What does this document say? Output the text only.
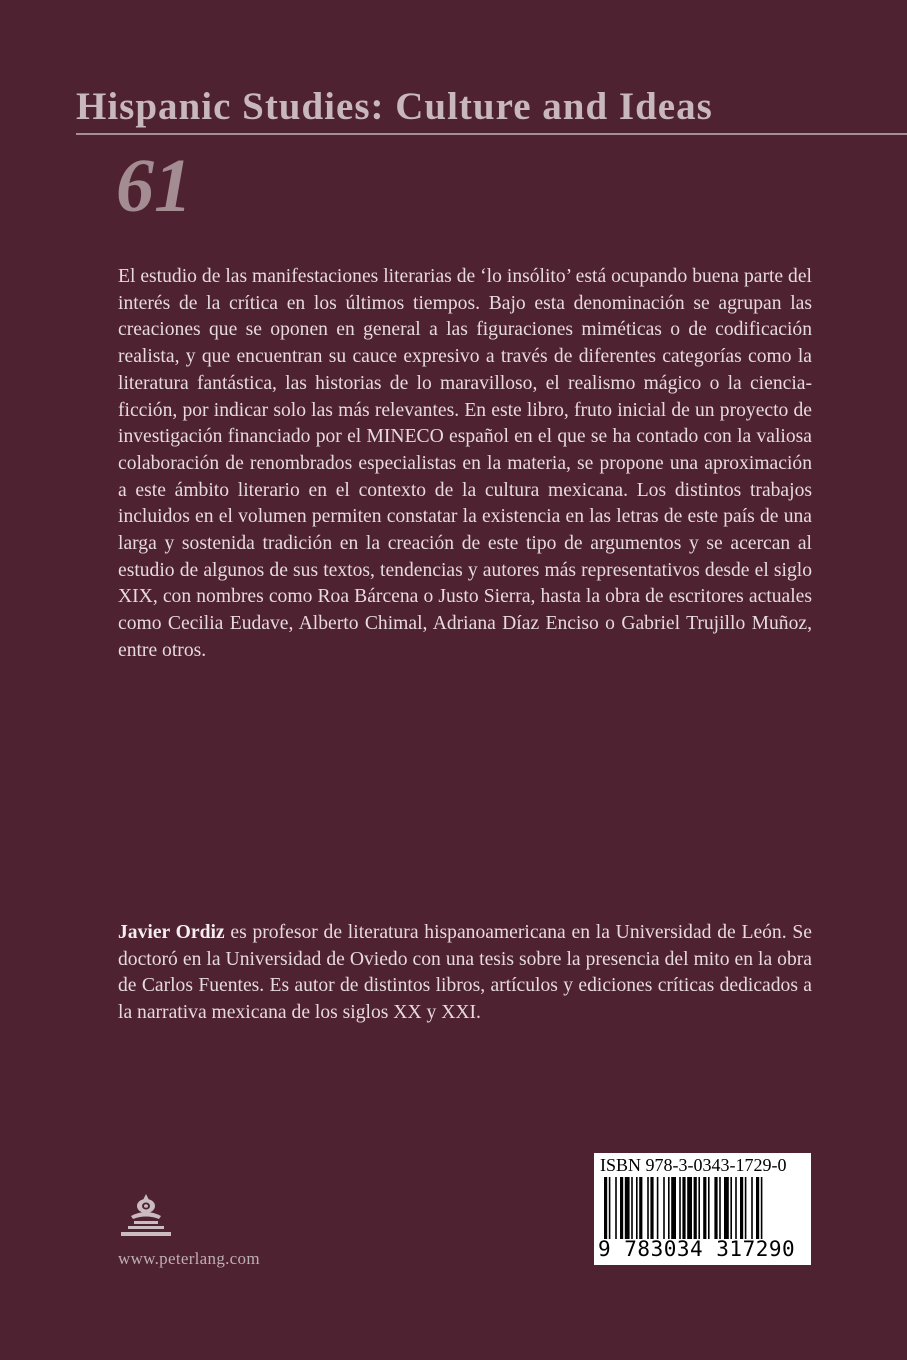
Hispanic Studies: Culture and Ideas
61

El estudio de las manifestaciones literarias de ‘lo insólito’ está ocupando buena parte del interés de la crítica en los últimos tiempos. Bajo esta denominación se agrupan las creaciones que se oponen en general a las figuraciones miméticas o de codificación realista, y que encuentran su cauce expresivo a través de diferentes categorías como la literatura fantástica, las historias de lo maravilloso, el realismo mágico o la ciencia-ficción, por indicar solo las más relevantes. En este libro, fruto inicial de un proyecto de investigación financiado por el MINECO español en el que se ha contado con la valiosa colaboración de renombrados especialistas en la materia, se propone una aproximación a este ámbito literario en el contexto de la cultura mexicana. Los distintos trabajos incluidos en el volumen permiten constatar la existencia en las letras de este país de una larga y sostenida tradición en la creación de este tipo de argumentos y se acercan al estudio de algunos de sus textos, tendencias y autores más representativos desde el siglo XIX, con nombres como Roa Bárcena o Justo Sierra, hasta la obra de escritores actuales como Cecilia Eudave, Alberto Chimal, Adriana Díaz Enciso o Gabriel Trujillo Muñoz, entre otros.

Javier Ordiz es profesor de literatura hispanoamericana en la Universidad de León. Se doctoró en la Universidad de Oviedo con una tesis sobre la presencia del mito en la obra de Carlos Fuentes. Es autor de distintos libros, artículos y ediciones críticas dedicados a la narrativa mexicana de los siglos XX y XXI.

www.peterlang.com
ISBN 978-3-0343-1729-0
9 783034 317290
